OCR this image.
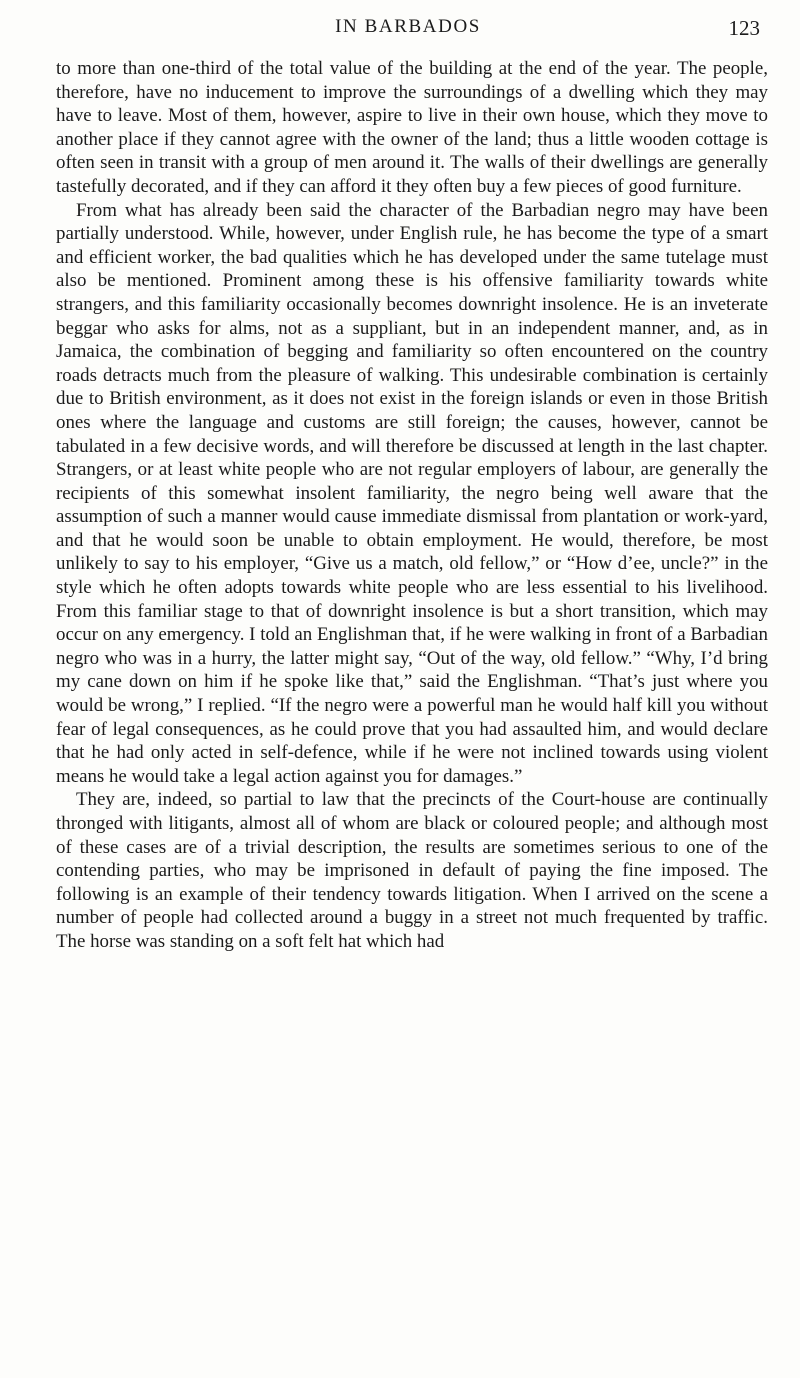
IN BARBADOS	123

to more than one-third of the total value of the building at the end of the year. The people, therefore, have no inducement to improve the surroundings of a dwelling which they may have to leave. Most of them, however, aspire to live in their own house, which they move to another place if they cannot agree with the owner of the land; thus a little wooden cottage is often seen in transit with a group of men around it. The walls of their dwellings are generally tastefully decorated, and if they can afford it they often buy a few pieces of good furniture.

From what has already been said the character of the Barbadian negro may have been partially understood. While, however, under English rule, he has become the type of a smart and efficient worker, the bad qualities which he has developed under the same tutelage must also be mentioned. Prominent among these is his offensive familiarity towards white strangers, and this familiarity occasionally becomes downright insolence. He is an inveterate beggar who asks for alms, not as a suppliant, but in an independent manner, and, as in Jamaica, the combination of begging and familiarity so often encountered on the country roads detracts much from the pleasure of walking. This undesirable combination is certainly due to British environment, as it does not exist in the foreign islands or even in those British ones where the language and customs are still foreign; the causes, however, cannot be tabulated in a few decisive words, and will therefore be discussed at length in the last chapter. Strangers, or at least white people who are not regular employers of labour, are generally the recipients of this somewhat insolent familiarity, the negro being well aware that the assumption of such a manner would cause immediate dismissal from plantation or work-yard, and that he would soon be unable to obtain employment. He would, therefore, be most unlikely to say to his employer, “Give us a match, old fellow,” or “How d’ee, uncle?” in the style which he often adopts towards white people who are less essential to his livelihood. From this familiar stage to that of downright insolence is but a short transition, which may occur on any emergency. I told an Englishman that, if he were walking in front of a Barbadian negro who was in a hurry, the latter might say, “Out of the way, old fellow.” “Why, I’d bring my cane down on him if he spoke like that,” said the Englishman. “That’s just where you would be wrong,” I replied. “If the negro were a powerful man he would half kill you without fear of legal consequences, as he could prove that you had assaulted him, and would declare that he had only acted in self-defence, while if he were not inclined towards using violent means he would take a legal action against you for damages.”

They are, indeed, so partial to law that the precincts of the Court-house are continually thronged with litigants, almost all of whom are black or coloured people; and although most of these cases are of a trivial description, the results are sometimes serious to one of the contending parties, who may be imprisoned in default of paying the fine imposed. The following is an example of their tendency towards litigation. When I arrived on the scene a number of people had collected around a buggy in a street not much frequented by traffic. The horse was standing on a soft felt hat which had
